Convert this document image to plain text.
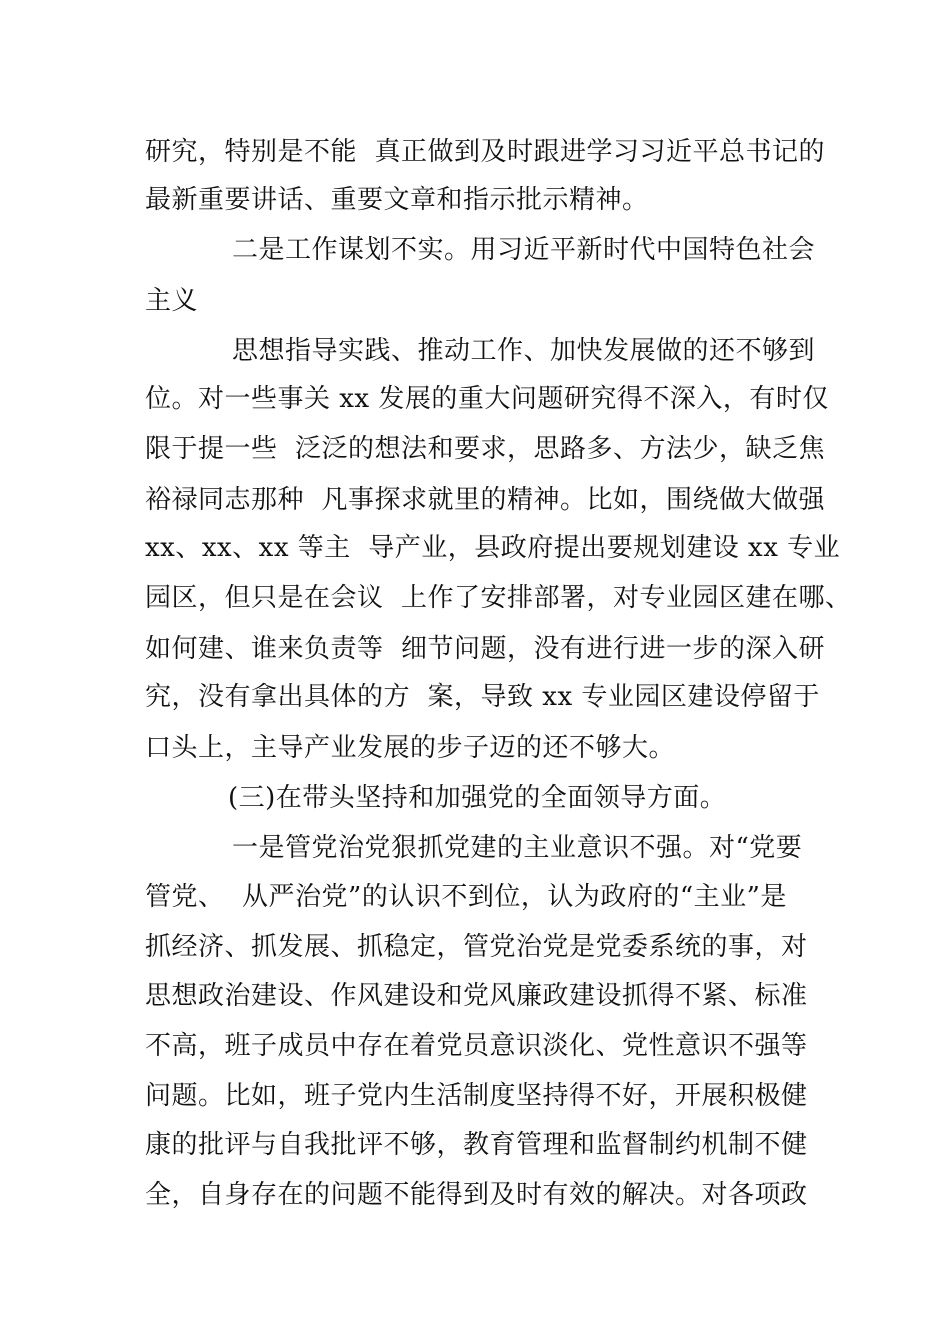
研究，特别是不能  真正做到及时跟进学习习近平总书记的
最新重要讲话、重要文章和指示批示精神。
二是工作谋划不实。用习近平新时代中国特色社会
主义
思想指导实践、推动工作、加快发展做的还不够到
位。对一些事关 xx 发展的重大问题研究得不深入，有时仅
限于提一些  泛泛的想法和要求，思路多、方法少，缺乏焦
裕禄同志那种  凡事探求就里的精神。比如，围绕做大做强
xx、xx、xx 等主  导产业，县政府提出要规划建设 xx 专业
园区，但只是在会议  上作了安排部署，对专业园区建在哪、
如何建、谁来负责等  细节问题，没有进行进一步的深入研
究，没有拿出具体的方  案，导致 xx 专业园区建设停留于
口头上，主导产业发展的步子迈的还不够大。
(三)在带头坚持和加强党的全面领导方面。
一是管党治党狠抓党建的主业意识不强。对“党要
管党、  从严治党”的认识不到位，认为政府的“主业”是
抓经济、抓发展、抓稳定，管党治党是党委系统的事，对
思想政治建设、作风建设和党风廉政建设抓得不紧、标准
不高，班子成员中存在着党员意识淡化、党性意识不强等
问题。比如，班子党内生活制度坚持得不好，开展积极健
康的批评与自我批评不够，教育管理和监督制约机制不健
全，自身存在的问题不能得到及时有效的解决。对各项政
